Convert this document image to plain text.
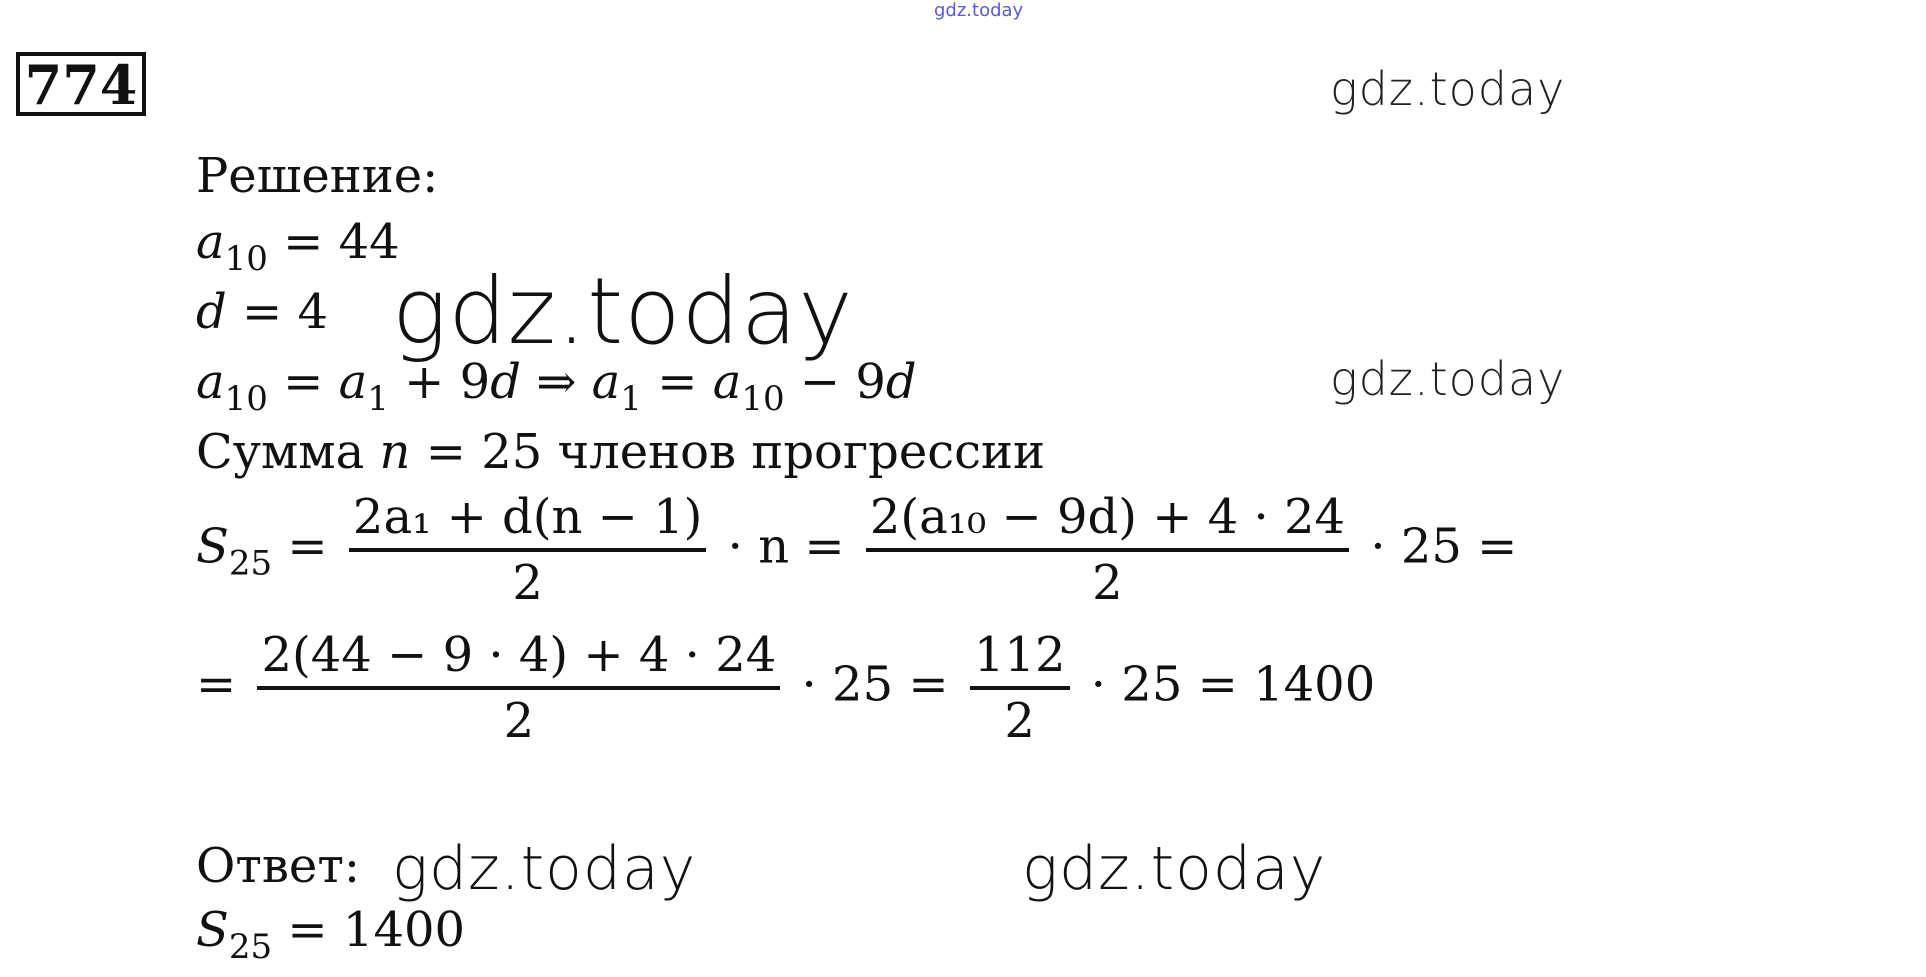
gdz.today
774	gdz.today
gdz.today
gdz.today
gdz.today	gdz.today
Решение:
$a_{10} = 44$
d = 4
$a_{10} = a_1 + 9d$ ⇒ $a_1 = a_{10} - 9d$
Сумма n = 25 членов прогрессии
$S_{25} = \frac{\text{2a₁ + d(n − 1)}}{2} \cdot n = \frac{\text{2(a₁₀ − 9d) + 4 · 24}}{2} \cdot 25$ =
= $\frac{2(44 - 9 \cdot 4) + 4 \cdot 24}{2} \cdot 25 = \frac{112}{2} \cdot 25 = 1400$
Ответ:
$S_{25} = 1400$
